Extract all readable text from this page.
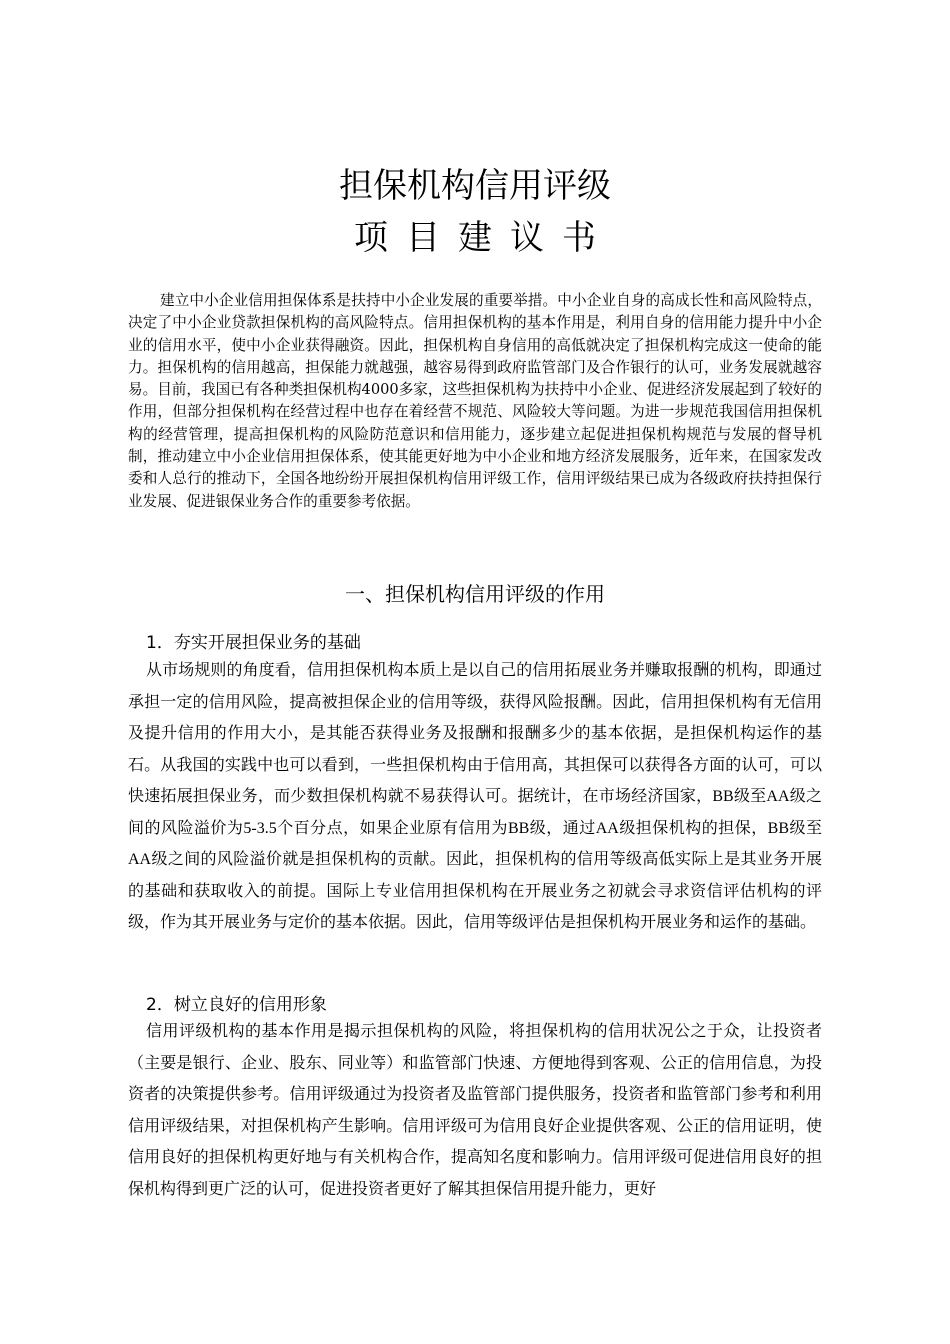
担保机构信用评级
项目建议书

建立中小企业信用担保体系是扶持中小企业发展的重要举措。中小企业自身的高成长性和高风险特点，决定了中小企业贷款担保机构的高风险特点。信用担保机构的基本作用是，利用自身的信用能力提升中小企业的信用水平，使中小企业获得融资。因此，担保机构自身信用的高低就决定了担保机构完成这一使命的能力。担保机构的信用越高，担保能力就越强，越容易得到政府监管部门及合作银行的认可，业务发展就越容易。目前，我国已有各种类担保机构4000多家，这些担保机构为扶持中小企业、促进经济发展起到了较好的作用，但部分担保机构在经营过程中也存在着经营不规范、风险较大等问题。为进一步规范我国信用担保机构的经营管理，提高担保机构的风险防范意识和信用能力，逐步建立起促进担保机构规范与发展的督导机制，推动建立中小企业信用担保体系，使其能更好地为中小企业和地方经济发展服务，近年来，在国家发改委和人总行的推动下，全国各地纷纷开展担保机构信用评级工作，信用评级结果已成为各级政府扶持担保行业发展、促进银保业务合作的重要参考依据。

一、担保机构信用评级的作用
1．夯实开展担保业务的基础

从市场规则的角度看，信用担保机构本质上是以自己的信用拓展业务并赚取报酬的机构，即通过承担一定的信用风险，提高被担保企业的信用等级，获得风险报酬。因此，信用担保机构有无信用及提升信用的作用大小，是其能否获得业务及报酬和报酬多少的基本依据，是担保机构运作的基石。从我国的实践中也可以看到，一些担保机构由于信用高，其担保可以获得各方面的认可，可以快速拓展担保业务，而少数担保机构就不易获得认可。据统计，在市场经济国家，BB级至AA级之间的风险溢价为5-3.5个百分点，如果企业原有信用为BB级，通过AA级担保机构的担保，BB级至AA级之间的风险溢价就是担保机构的贡献。因此，担保机构的信用等级高低实际上是其业务开展的基础和获取收入的前提。国际上专业信用担保机构在开展业务之初就会寻求资信评估机构的评级，作为其开展业务与定价的基本依据。因此，信用等级评估是担保机构开展业务和运作的基础。

2．树立良好的信用形象

信用评级机构的基本作用是揭示担保机构的风险，将担保机构的信用状况公之于众，让投资者（主要是银行、企业、股东、同业等）和监管部门快速、方便地得到客观、公正的信用信息，为投资者的决策提供参考。信用评级通过为投资者及监管部门提供服务，投资者和监管部门参考和利用信用评级结果，对担保机构产生影响。信用评级可为信用良好企业提供客观、公正的信用证明，使信用良好的担保机构更好地与有关机构合作，提高知名度和影响力。信用评级可促进信用良好的担保机构得到更广泛的认可，促进投资者更好了解其担保信用提升能力，更好
